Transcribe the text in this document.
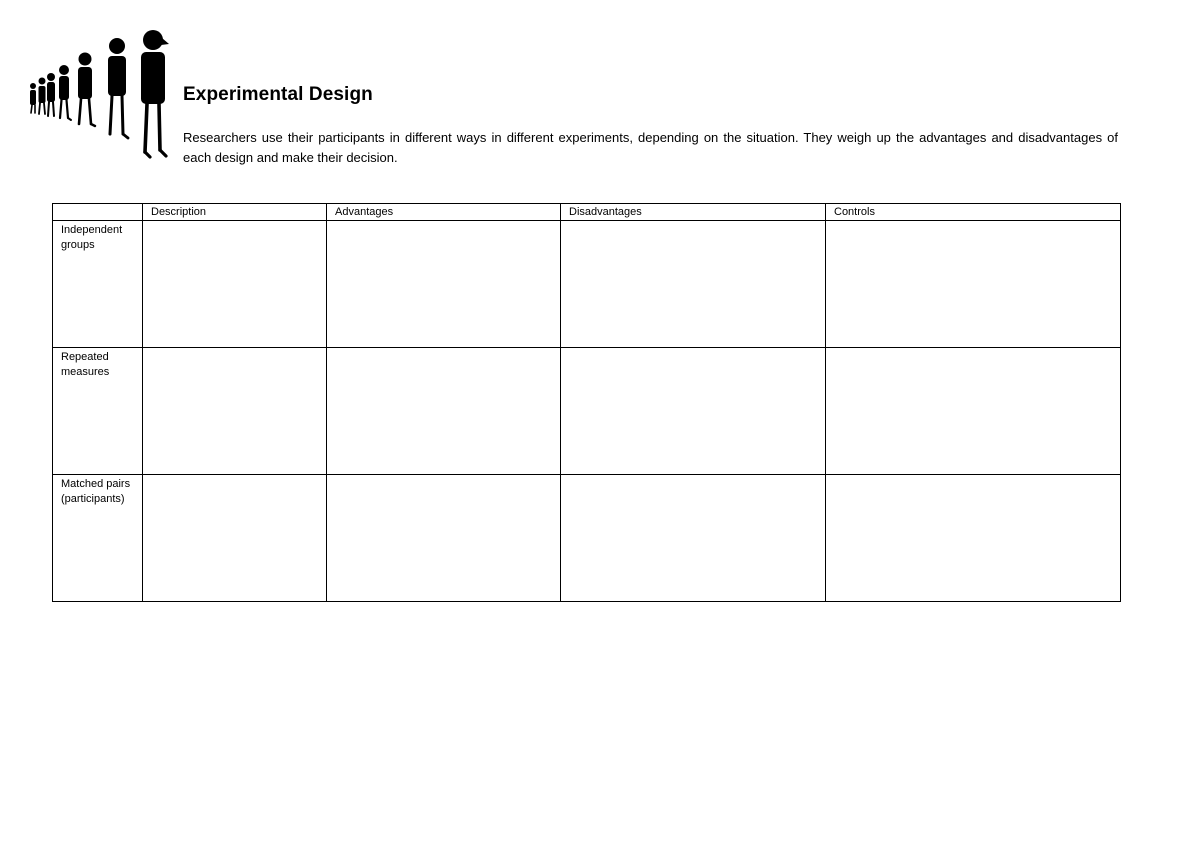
Experimental Design

Researchers use their participants in different ways in different experiments, depending on the situation. They weigh up the advantages and disadvantages of each design and make their decision.

	Description	Advantages	Disadvantages	Controls
Independent groups				
Repeated measures				
Matched pairs (participants)				
